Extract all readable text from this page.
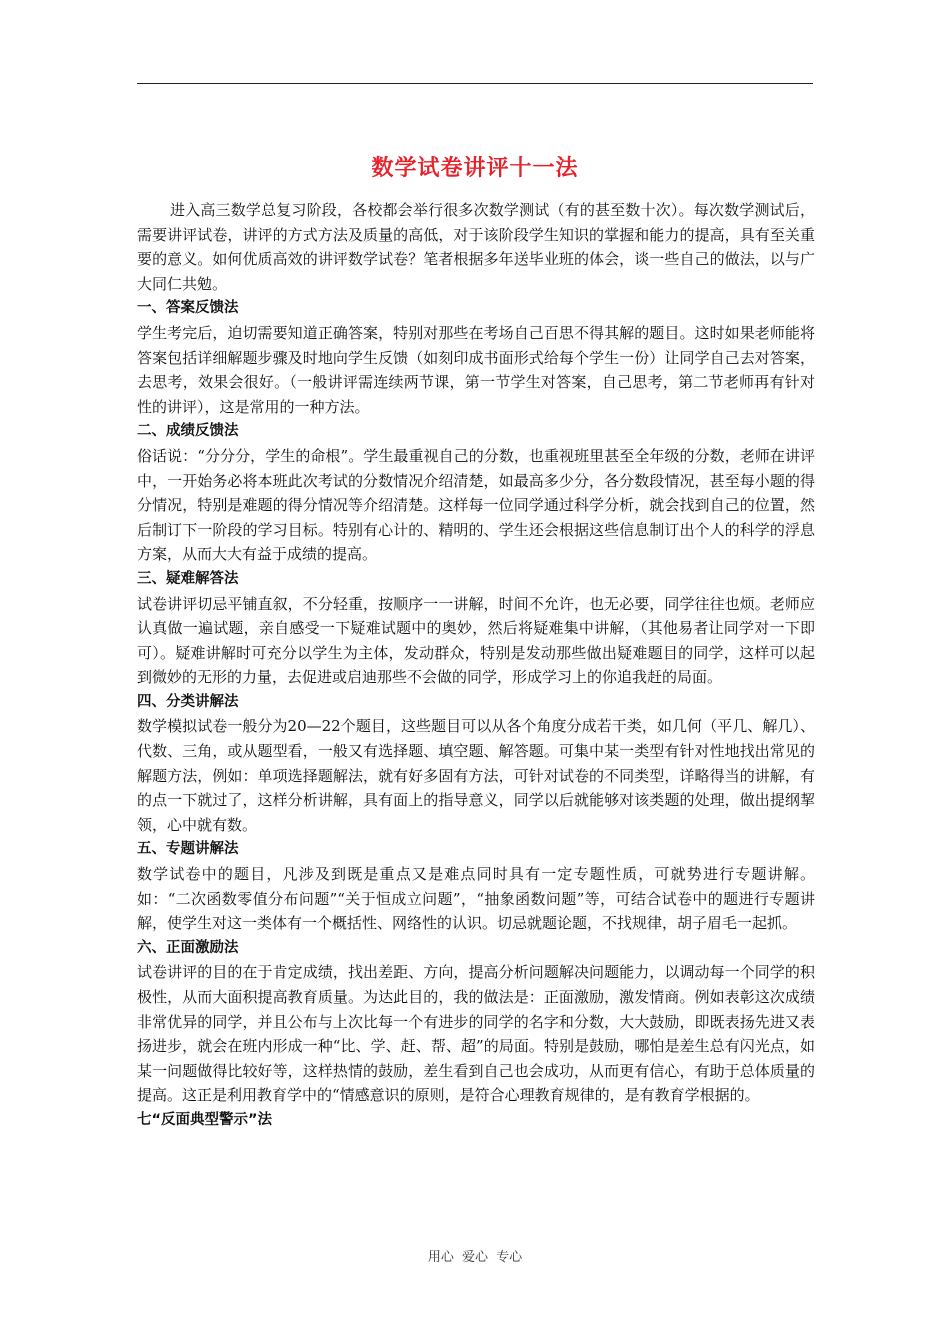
数学试卷讲评十一法

进入高三数学总复习阶段，各校都会举行很多次数学测试（有的甚至数十次）。每次数学测试后，需要讲评试卷，讲评的方式方法及质量的高低，对于该阶段学生知识的掌握和能力的提高，具有至关重要的意义。如何优质高效的讲评数学试卷？笔者根据多年送毕业班的体会，谈一些自己的做法，以与广大同仁共勉。

一、答案反馈法

学生考完后，迫切需要知道正确答案，特别对那些在考场自己百思不得其解的题目。这时如果老师能将答案包括详细解题步骤及时地向学生反馈（如刻印成书面形式给每个学生一份）让同学自己去对答案，去思考，效果会很好。（一般讲评需连续两节课，第一节学生对答案，自己思考，第二节老师再有针对性的讲评），这是常用的一种方法。

二、成绩反馈法

俗话说：“分分分，学生的命根”。学生最重视自己的分数，也重视班里甚至全年级的分数，老师在讲评中，一开始务必将本班此次考试的分数情况介绍清楚，如最高多少分，各分数段情况，甚至每小题的得分情况，特别是难题的得分情况等介绍清楚。这样每一位同学通过科学分析，就会找到自己的位置，然后制订下一阶段的学习目标。特别有心计的、精明的、学生还会根据这些信息制订出个人的科学的浮息方案，从而大大有益于成绩的提高。

三、疑难解答法

试卷讲评切忌平铺直叙，不分轻重，按顺序一一讲解，时间不允许，也无必要，同学往往也烦。老师应认真做一遍试题，亲自感受一下疑难试题中的奥妙，然后将疑难集中讲解，（其他易者让同学对一下即可）。疑难讲解时可充分以学生为主体，发动群众，特别是发动那些做出疑难题目的同学，这样可以起到微妙的无形的力量，去促进或启迪那些不会做的同学，形成学习上的你追我赶的局面。

四、分类讲解法

数学模拟试卷一般分为20—22个题目，这些题目可以从各个角度分成若干类，如几何（平几、解几）、代数、三角，或从题型看，一般又有选择题、填空题、解答题。可集中某一类型有针对性地找出常见的解题方法，例如：单项选择题解法，就有好多固有方法，可针对试卷的不同类型，详略得当的讲解，有的点一下就过了，这样分析讲解，具有面上的指导意义，同学以后就能够对该类题的处理，做出提纲挈领，心中就有数。

五、专题讲解法

数学试卷中的题目，凡涉及到既是重点又是难点同时具有一定专题性质，可就势进行专题讲解。如：“二次函数零值分布问题”“关于恒成立问题”，“抽象函数问题”等，可结合试卷中的题进行专题讲解，使学生对这一类体有一个概括性、网络性的认识。切忌就题论题，不找规律，胡子眉毛一起抓。

六、正面激励法

试卷讲评的目的在于肯定成绩，找出差距、方向，提高分析问题解决问题能力，以调动每一个同学的积极性，从而大面积提高教育质量。为达此目的，我的做法是：正面激励，激发情商。例如表彰这次成绩非常优异的同学，并且公布与上次比每一个有进步的同学的名字和分数，大大鼓励，即既表扬先进又表扬进步，就会在班内形成一种“比、学、赶、帮、超”的局面。特别是鼓励，哪怕是差生总有闪光点，如某一问题做得比较好等，这样热情的鼓励，差生看到自己也会成功，从而更有信心，有助于总体质量的提高。这正是利用教育学中的“情感意识的原则，是符合心理教育规律的，是有教育学根据的。

七“反面典型警示”法
用心 爱心 专心
